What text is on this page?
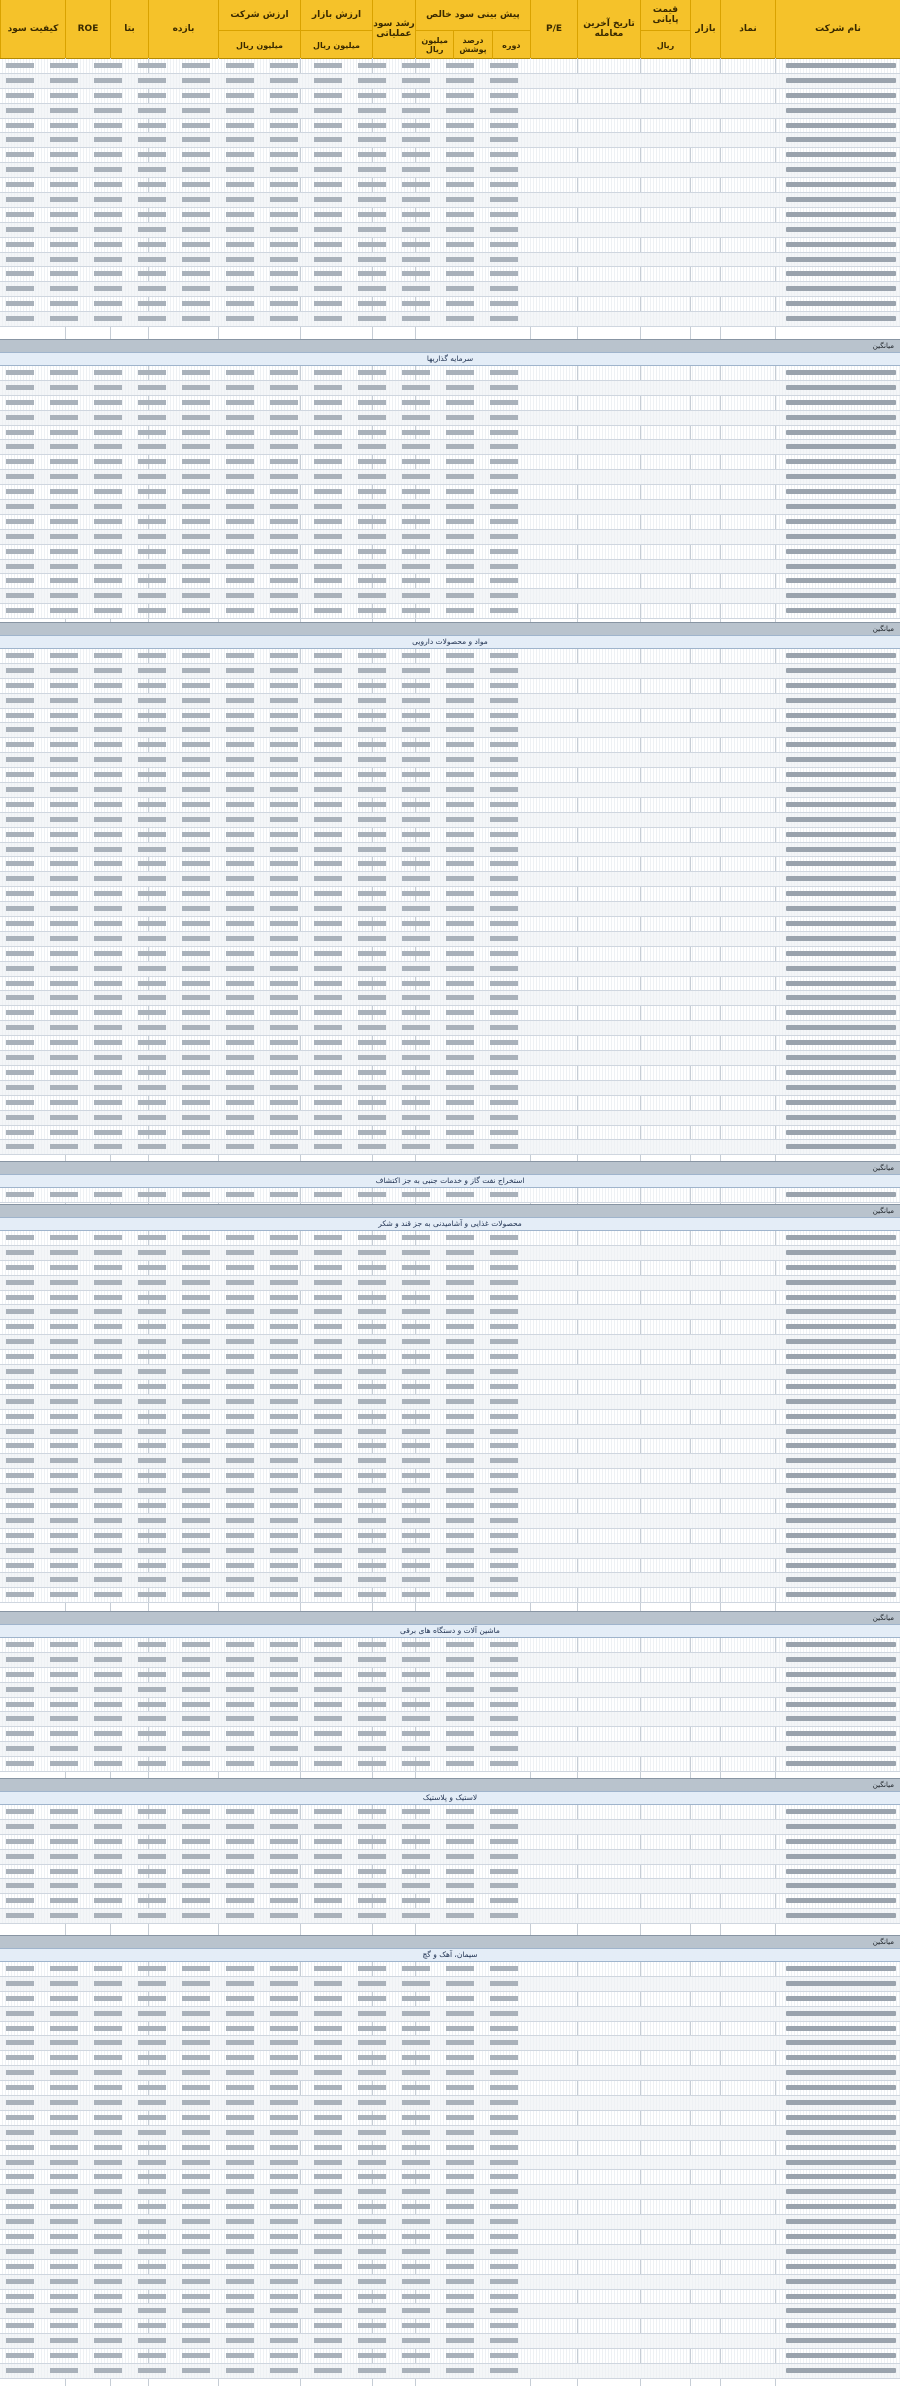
نام شرکت
نماد
بازار
قیمت پایانی
ریال
تاریخ آخرین معامله
P/E
پیش بینی سود خالص
میلیون ریال
درصد پوشش	دوره
رشد سود عملیاتی
ارزش بازار
میلیون ریال
ارزش شرکت
میلیون ریال
بازده
بتا
ROE
کیفیت سود
میانگین
سرمایه گذاریها
میانگین
مواد و محصولات دارویی
میانگین
استخراج نفت گاز و خدمات جنبی به جز اکتشاف
میانگین
محصولات غذایی و آشامیدنی به جز قند و شکر
میانگین
ماشین آلات و دستگاه های برقی
میانگین
لاستیک و پلاستیک
میانگین
سیمان، آهک و گچ
